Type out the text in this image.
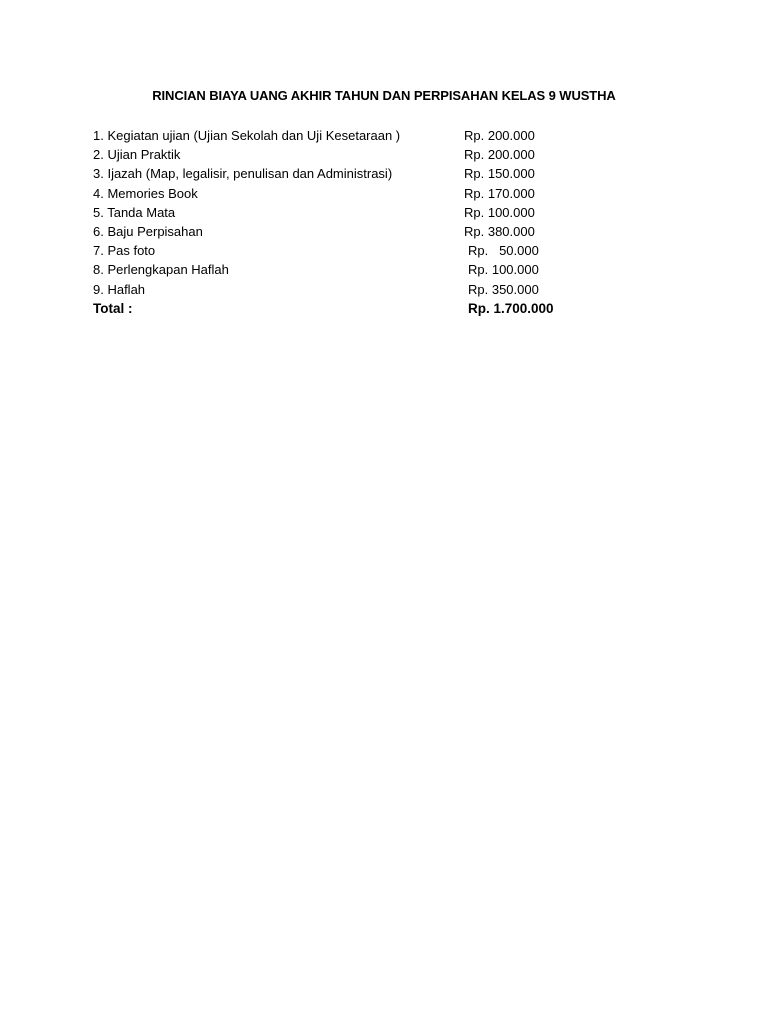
RINCIAN BIAYA UANG AKHIR TAHUN DAN PERPISAHAN KELAS 9 WUSTHA
1. Kegiatan ujian (Ujian Sekolah dan Uji Kesetaraan )	Rp. 200.000
2. Ujian Praktik	Rp. 200.000
3. Ijazah (Map, legalisir, penulisan dan Administrasi)	Rp. 150.000
4. Memories Book	Rp. 170.000
5. Tanda Mata	Rp. 100.000
6. Baju Perpisahan	Rp. 380.000
7. Pas foto	Rp.   50.000
8. Perlengkapan Haflah	Rp. 100.000
9. Haflah	Rp. 350.000
Total :	Rp. 1.700.000
